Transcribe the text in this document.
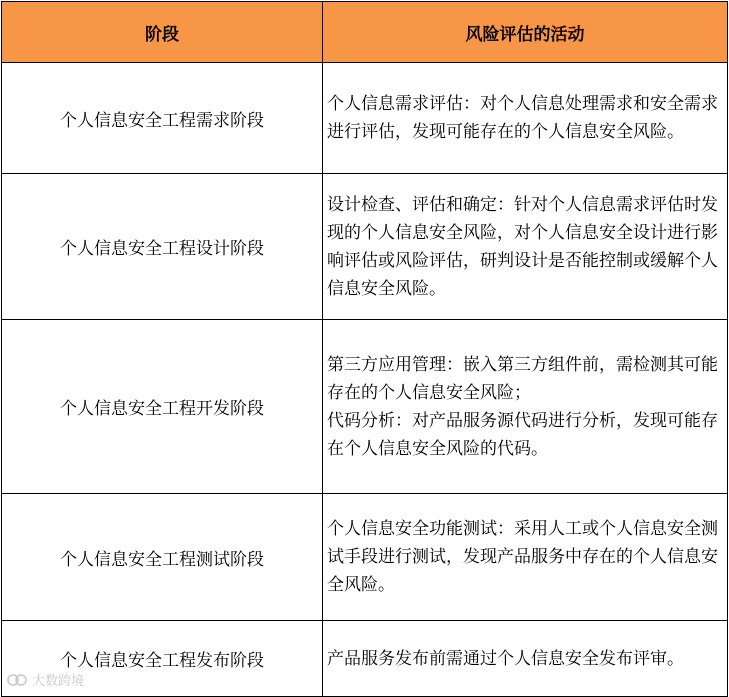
阶段	风险评估的活动
个人信息安全工程需求阶段	个人信息需求评估：对个人信息处理需求和安全需求进行评估，发现可能存在的个人信息安全风险。

个人信息安全工程设计阶段	设计检查、评估和确定：针对个人信息需求评估时发现的个人信息安全风险，对个人信息安全设计进行影响评估或风险评估，研判设计是否能控制或缓解个人信息安全风险。

个人信息安全工程开发阶段	第三方应用管理：嵌入第三方组件前，需检测其可能存在的个人信息安全风险；
代码分析：对产品服务源代码进行分析，发现可能存在个人信息安全风险的代码。

个人信息安全工程测试阶段	个人信息安全功能测试：采用人工或个人信息安全测试手段进行测试，发现产品服务中存在的个人信息安全风险。

个人信息安全工程发布阶段	产品服务发布前需通过个人信息安全发布评审。
大数跨境
